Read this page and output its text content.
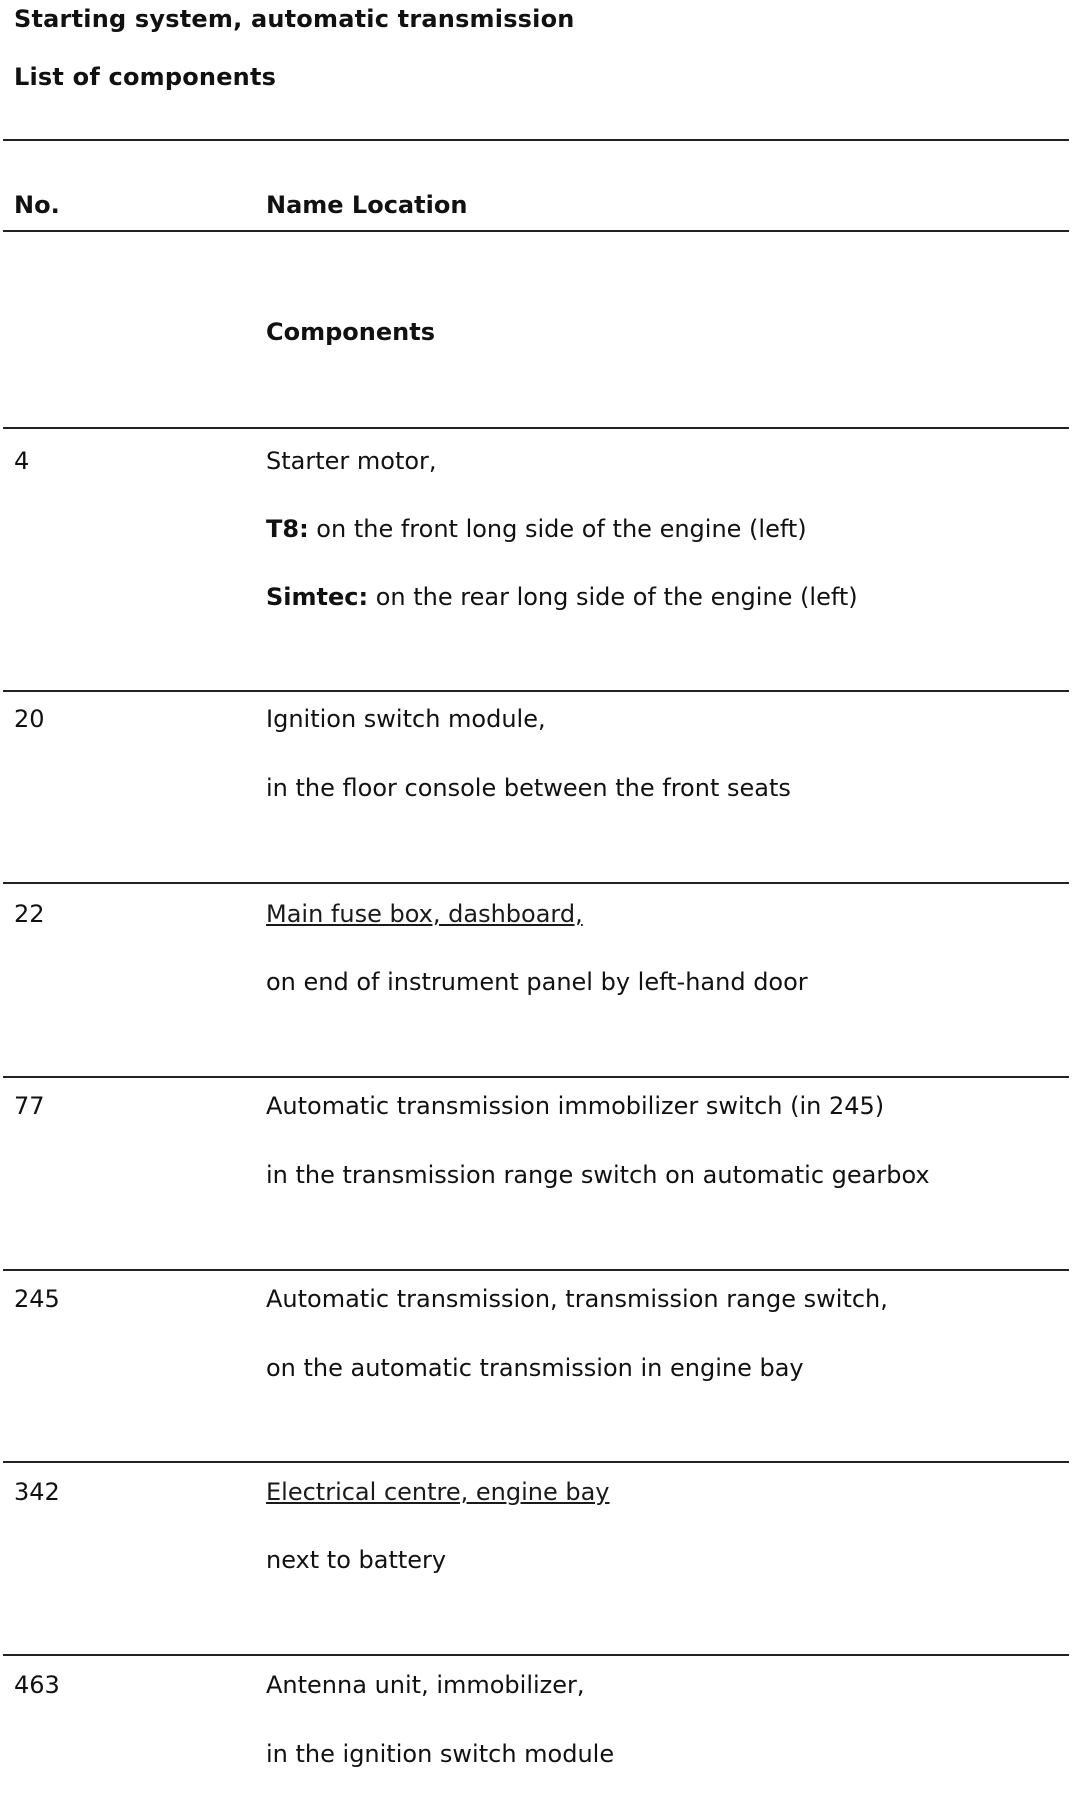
Starting system, automatic transmission
List of components
No.	Name Location
Components
4	Starter motor,
T8: on the front long side of the engine (left)
Simtec: on the rear long side of the engine (left)
20	Ignition switch module,
in the floor console between the front seats
22	Main fuse box, dashboard,
on end of instrument panel by left-hand door
77	Automatic transmission immobilizer switch (in 245)
in the transmission range switch on automatic gearbox
245	Automatic transmission, transmission range switch,
on the automatic transmission in engine bay
342	Electrical centre, engine bay
next to battery
463	Antenna unit, immobilizer,
in the ignition switch module
